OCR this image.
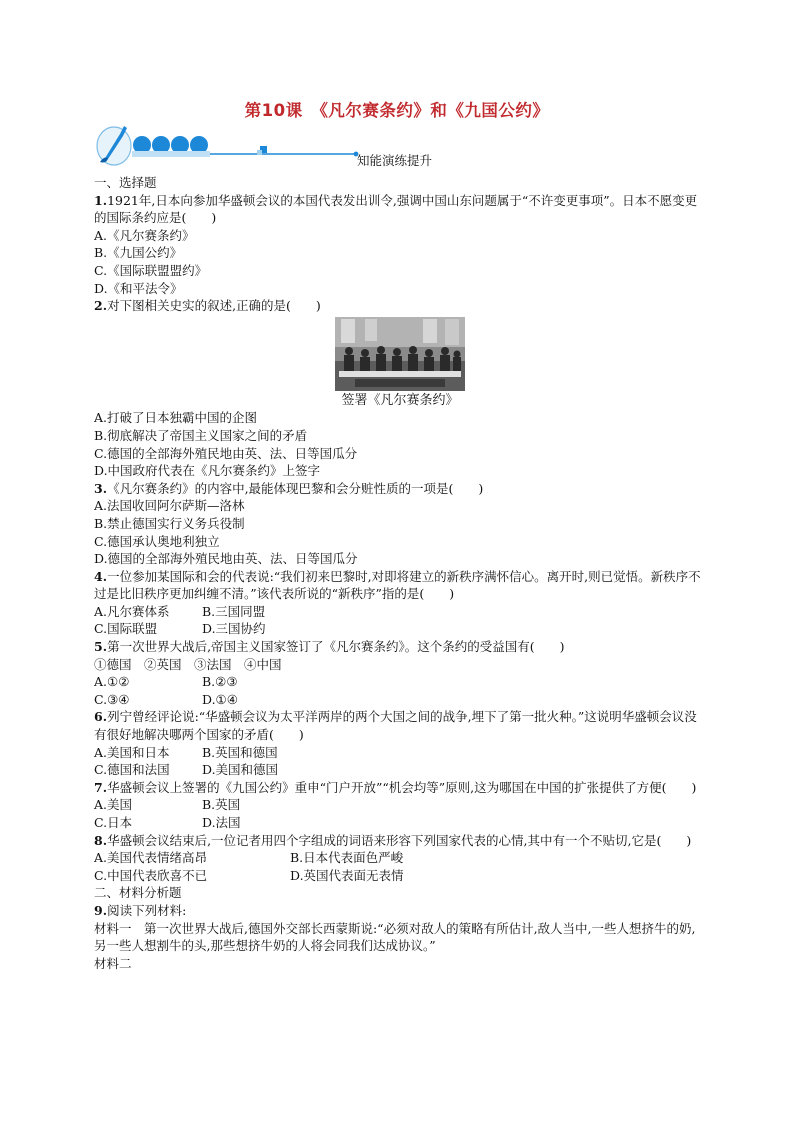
第10课　《凡尔赛条约》和《九国公约》
知能演练提升
一、选择题
1.1921年,日本向参加华盛顿会议的本国代表发出训令,强调中国山东问题属于“不许变更事项”。日本不愿变更的国际条约应是(　　)
A.《凡尔赛条约》
B.《九国公约》
C.《国际联盟盟约》
D.《和平法令》
2.对下图相关史实的叙述,正确的是(　　)
签署《凡尔赛条约》
A.打破了日本独霸中国的企图
B.彻底解决了帝国主义国家之间的矛盾
C.德国的全部海外殖民地由英、法、日等国瓜分
D.中国政府代表在《凡尔赛条约》上签字
3.《凡尔赛条约》的内容中,最能体现巴黎和会分赃性质的一项是(　　)
A.法国收回阿尔萨斯—洛林
B.禁止德国实行义务兵役制
C.德国承认奥地利独立
D.德国的全部海外殖民地由英、法、日等国瓜分
4.一位参加某国际和会的代表说:“我们初来巴黎时,对即将建立的新秩序满怀信心。离开时,则已觉悟。新秩序不过是比旧秩序更加纠缠不清。”该代表所说的“新秩序”指的是(　　)
A.凡尔赛体系	B.三国同盟
C.国际联盟	D.三国协约
5.第一次世界大战后,帝国主义国家签订了《凡尔赛条约》。这个条约的受益国有(　　)
①德国　②英国　③法国　④中国
A.①②	B.②③
C.③④	D.①④
6.列宁曾经评论说:“华盛顿会议为太平洋两岸的两个大国之间的战争,埋下了第一批火种。”这说明华盛顿会议没有很好地解决哪两个国家的矛盾(　　)
A.美国和日本	B.英国和德国
C.德国和法国	D.美国和德国
7.华盛顿会议上签署的《九国公约》重申“门户开放”“机会均等”原则,这为哪国在中国的扩张提供了方便(　　)
A.美国	B.英国
C.日本	D.法国
8.华盛顿会议结束后,一位记者用四个字组成的词语来形容下列国家代表的心情,其中有一个不贴切,它是(　　)
A.美国代表情绪高昂	B.日本代表面色严峻
C.中国代表欣喜不已	D.英国代表面无表情
二、材料分析题
9.阅读下列材料:
材料一　第一次世界大战后,德国外交部长西蒙斯说:“必须对敌人的策略有所估计,敌人当中,一些人想挤牛的奶,另一些人想割牛的头,那些想挤牛奶的人将会同我们达成协议。”
材料二
